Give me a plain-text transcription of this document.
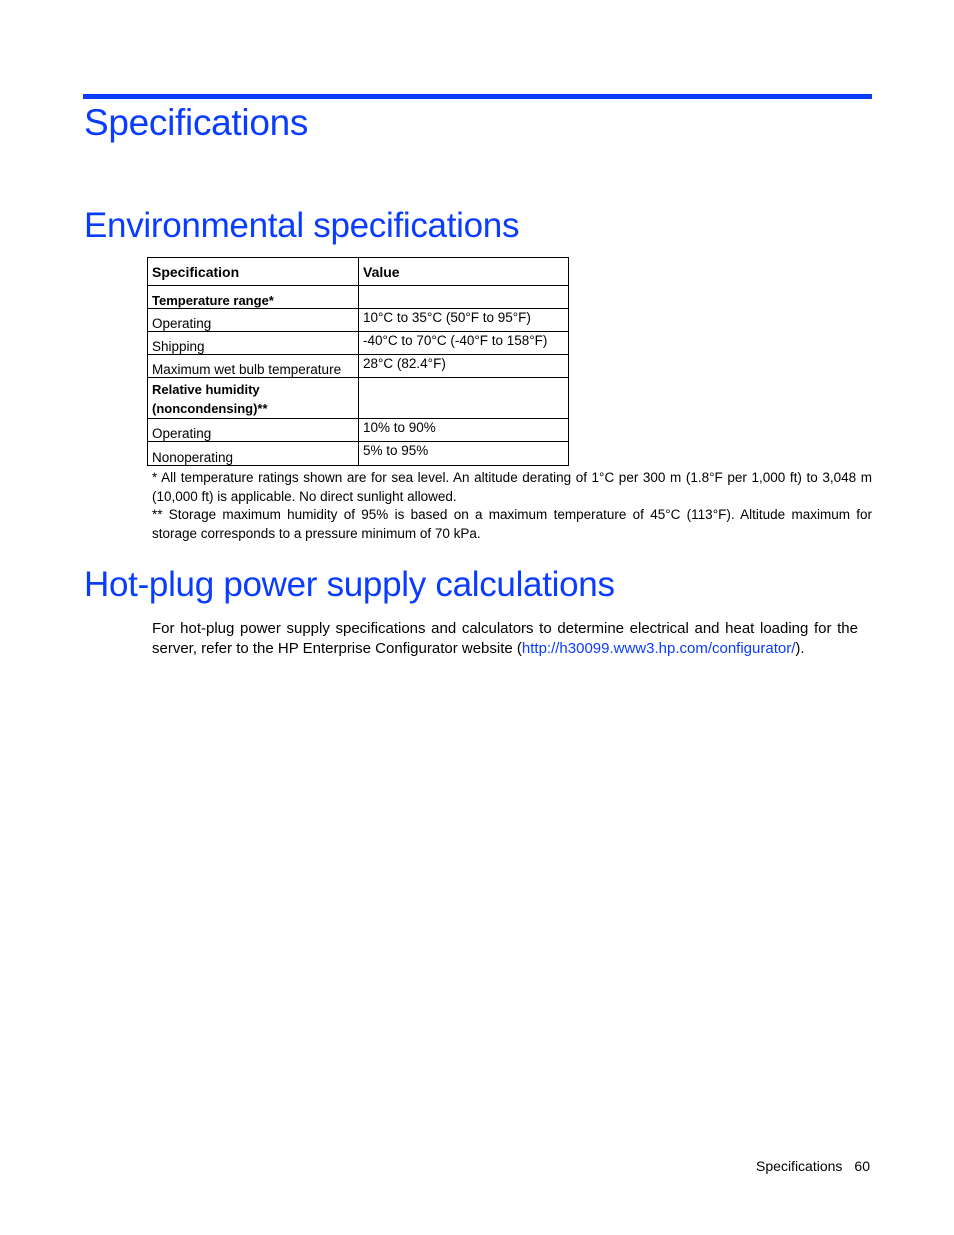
Specifications
Environmental specifications
Specification	Value
Temperature range*	
Operating	10°C to 35°C (50°F to 95°F)
Shipping	-40°C to 70°C (-40°F to 158°F)
Maximum wet bulb temperature	28°C (82.4°F)
Relative humidity (noncondensing)**	
Operating	10% to 90%
Nonoperating	5% to 95%

* All temperature ratings shown are for sea level. An altitude derating of 1°C per 300 m (1.8°F per 1,000 ft) to 3,048 m (10,000 ft) is applicable. No direct sunlight allowed.

** Storage maximum humidity of 95% is based on a maximum temperature of 45°C (113°F). Altitude maximum for storage corresponds to a pressure minimum of 70 kPa.

Hot-plug power supply calculations

For hot-plug power supply specifications and calculators to determine electrical and heat loading for the server, refer to the HP Enterprise Configurator website (http://h30099.www3.hp.com/configurator/).

Specifications 60
